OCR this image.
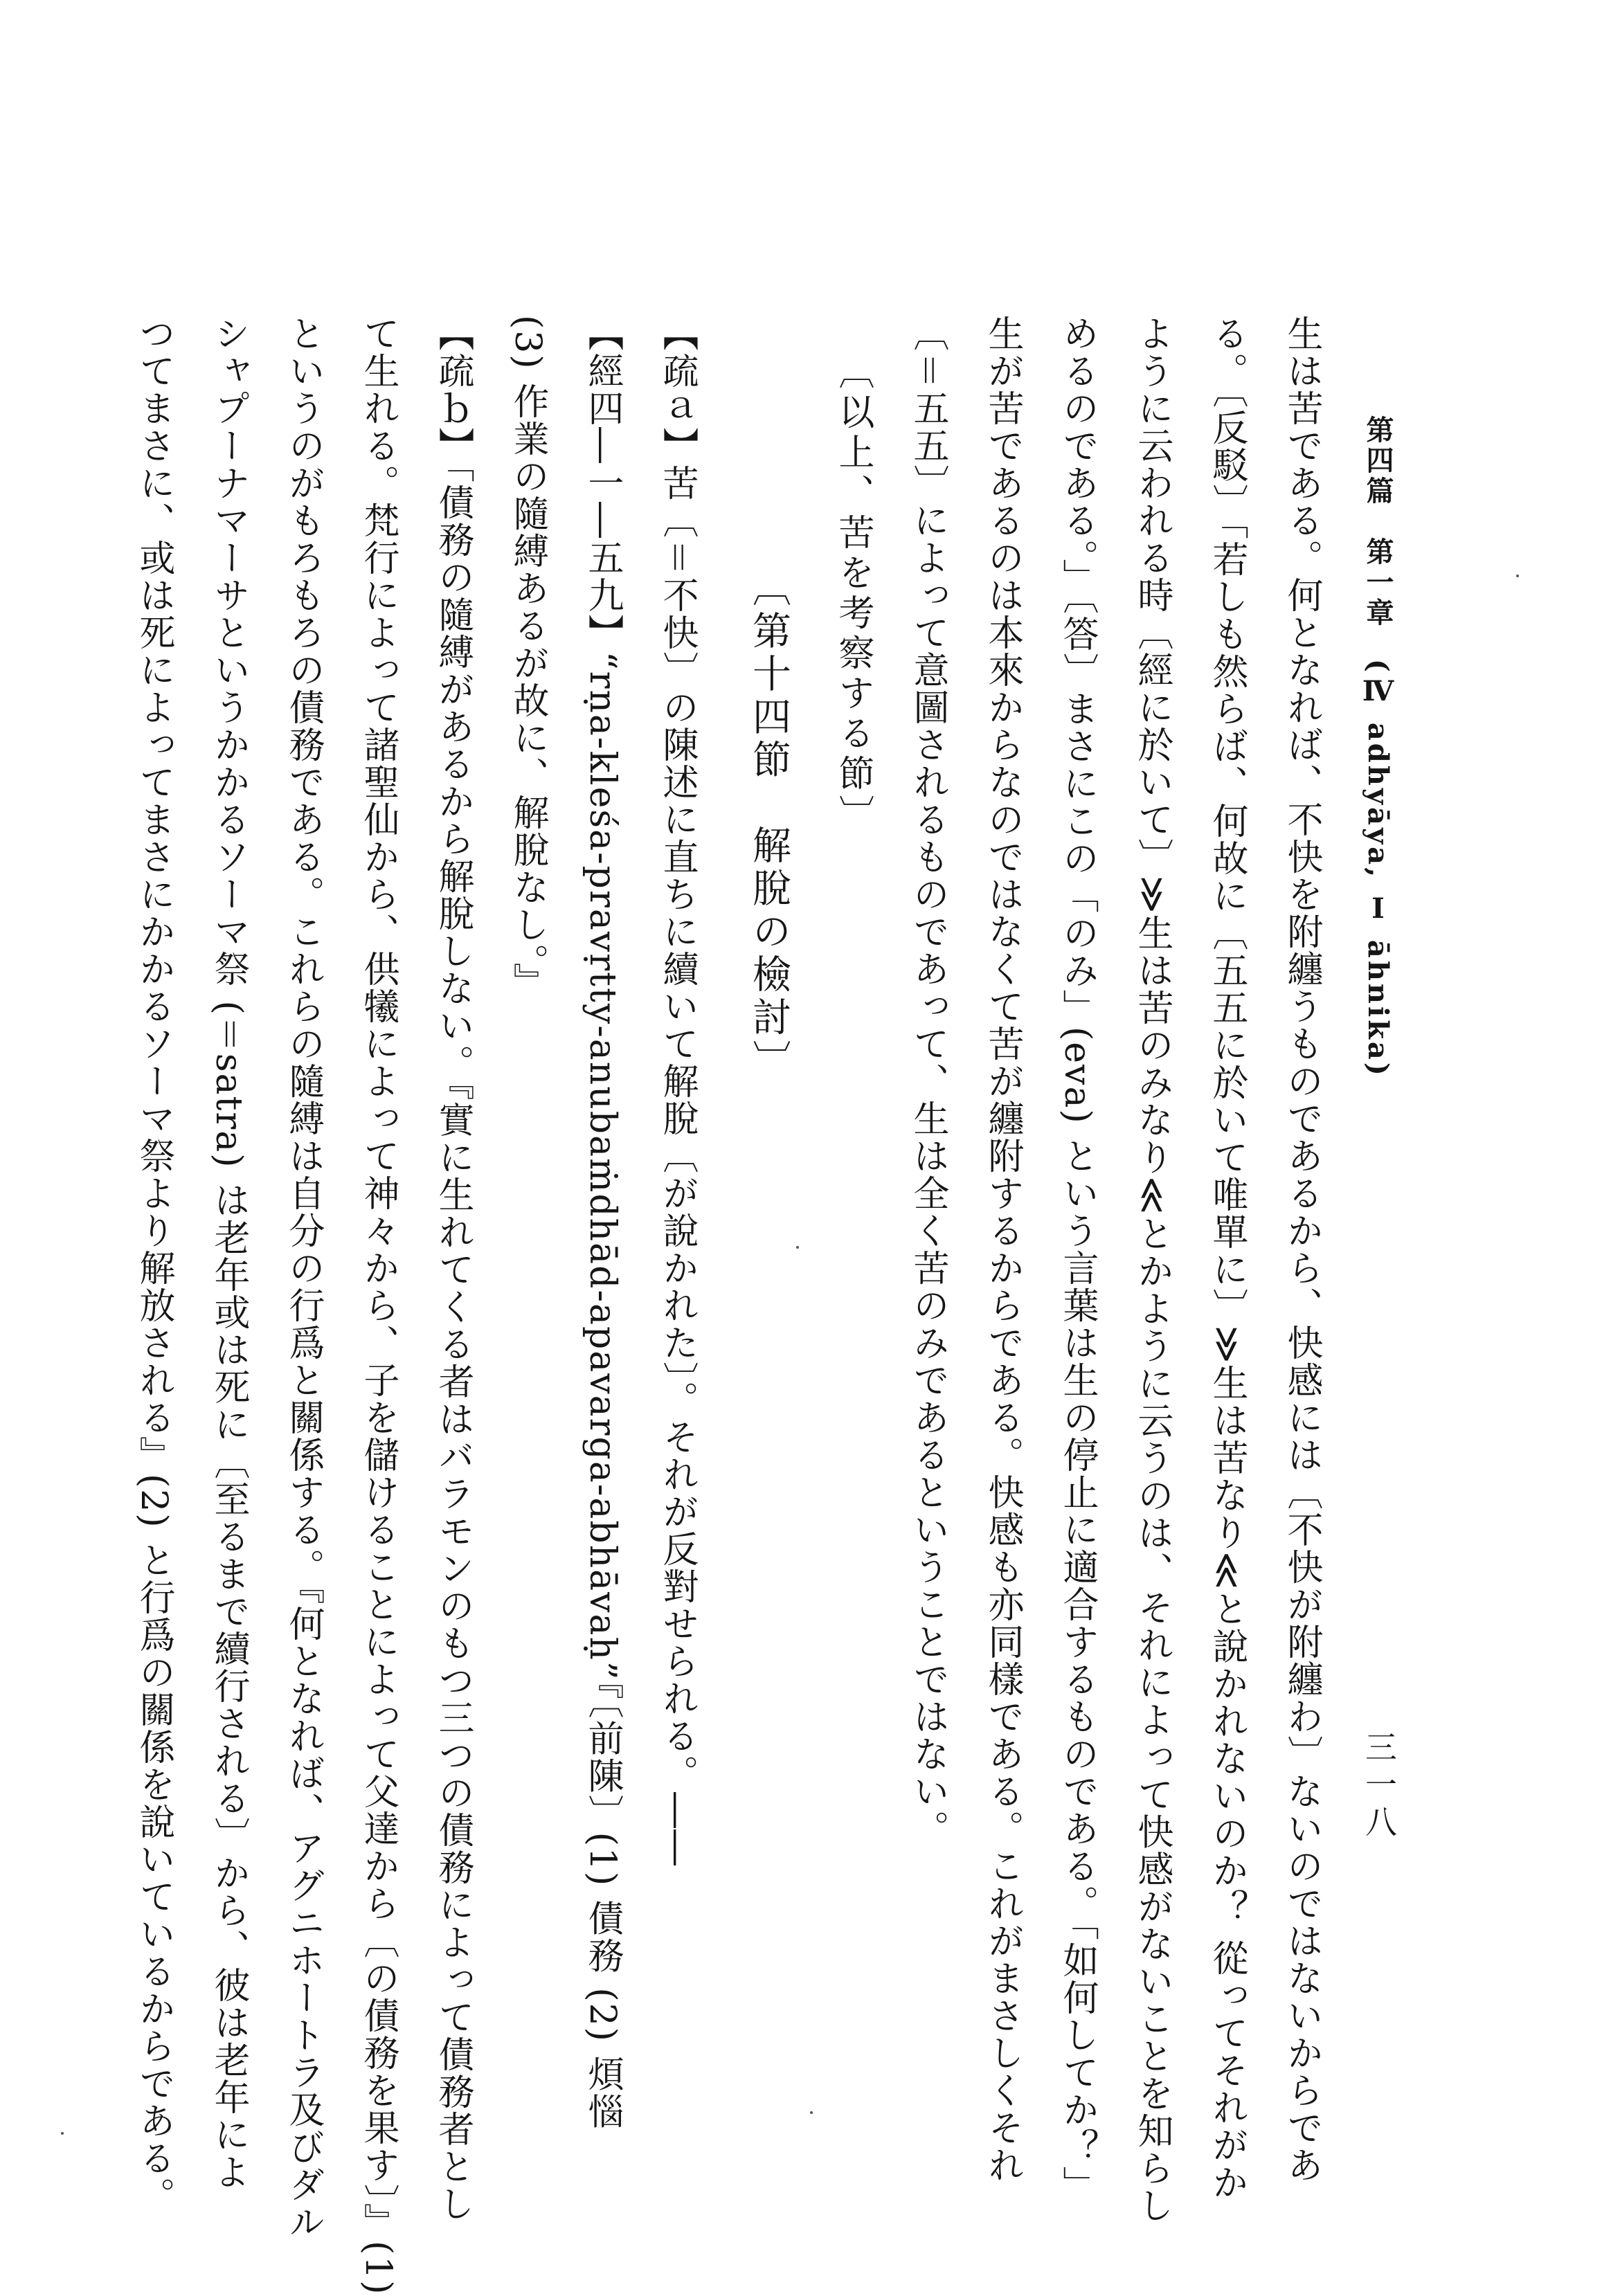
第四篇　第一章　(Ⅳ adhyāya, Ⅰ āhnika)
三一八
生は苦である。何となれば、不快を附纏うものであるから、快感には〔不快が附纏わ〕ないのではないからであ
る。〔反駁〕「若しも然らば、何故に〔五五に於いて唯單に〕≫生は苦なり≪と說かれないのか？ 從ってそれがか
ように云われる時〔經に於いて〕≫生は苦のみなり≪とかように云うのは、それによって快感がないことを知らし
めるのである。」〔答〕まさにこの「のみ」(eva) という言葉は生の停止に適合するものである。「如何してか？」
生が苦であるのは本來からなのではなくて苦が纏附するからである。快感も亦同樣である。これがまさしくそれ
〔＝五五〕によって意圖されるものであって、生は全く苦のみであるということではない。
〔以上、苦を考察する節〕
〔第十四節　解脫の檢討〕
【疏ａ】苦〔＝不快〕の陳述に直ちに續いて解脫〔が說かれた〕。それが反對せられる。――
【經四―一―五九】“rṇa-kleśa-pravṛtty-anubaṁdhād-apavarga-abhāvaḥ”『〔前陳〕(1) 債務 (2) 煩惱
(3) 作業の隨縛あるが故に、解脫なし。』
【疏ｂ】「債務の隨縛があるから解脫しない。『實に生れてくる者はバラモンのもつ三つの債務によって債務者とし
て生れる。梵行によって諸聖仙から、供犧によって神々から、子を儲けることによって父達から〔の債務を果す〕』(1)
というのがもろもろの債務である。これらの隨縛は自分の行爲と關係する。『何となれば、アグニホートラ及びダル
シャプーナマーサというかかるソーマ祭 (＝satra) は老年或は死に〔至るまで續行される〕から、彼は老年によ
つてまさに、或は死によってまさにかかるソーマ祭より解放される』(2) と行爲の關係を說いているからである。
